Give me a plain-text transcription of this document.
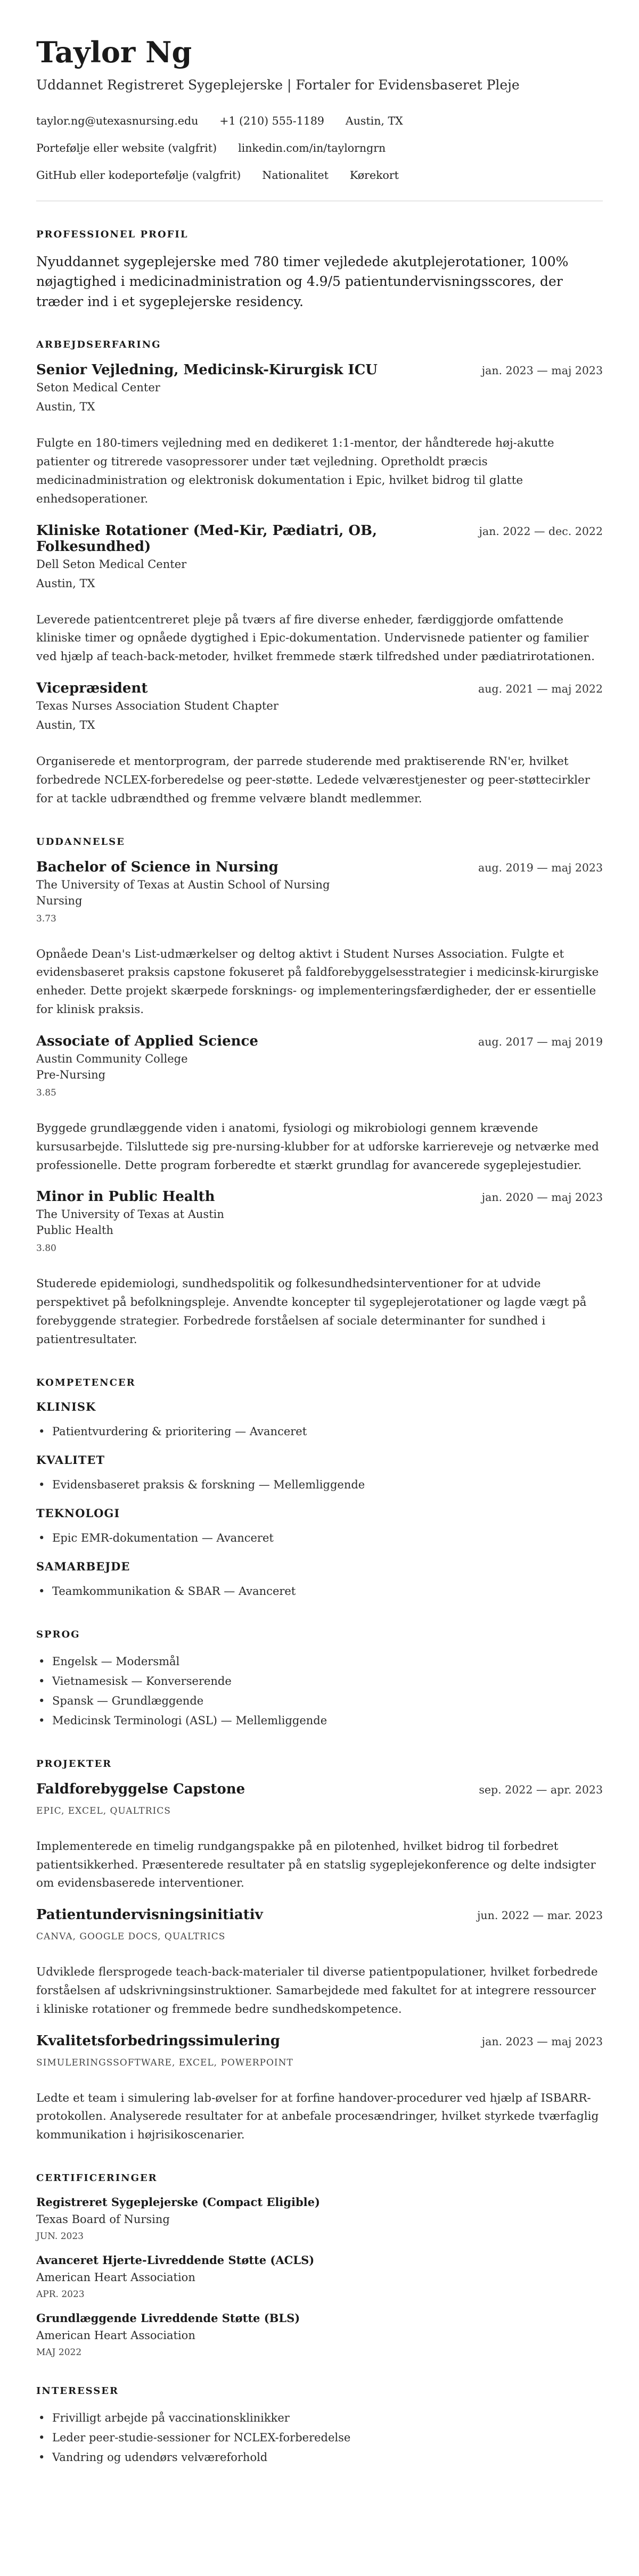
Taylor Ng
Uddannet Registreret Sygeplejerske | Fortaler for Evidensbaseret Pleje
taylor.ng@utexasnursing.edu +1 (210) 555-1189 Austin, TX
Portefølje eller website (valgfrit) linkedin.com/in/taylorngrn
GitHub eller kodeportefølje (valgfrit) Nationalitet Kørekort
PROFESSIONEL PROFIL
Nyuddannet sygeplejerske med 780 timer vejledede akutplejerotationer, 100% nøjagtighed i medicinadministration og 4.9/5 patientundervisningsscores, der træder ind i et sygeplejerske residency.
ARBEJDSERFARING
Senior Vejledning, Medicinsk-Kirurgisk ICU	jan. 2023 — maj 2023
Seton Medical Center
Austin, TX
Fulgte en 180-timers vejledning med en dedikeret 1:1-mentor, der håndterede høj-akutte patienter og titrerede vasopressorer under tæt vejledning. Opretholdt præcis medicinadministration og elektronisk dokumentation i Epic, hvilket bidrog til glatte enhedsoperationer.
Kliniske Rotationer (Med-Kir, Pædiatri, OB, Folkesundhed)
jan. 2022 — dec. 2022
Dell Seton Medical Center
Austin, TX
Leverede patientcentreret pleje på tværs af fire diverse enheder, færdiggjorde omfattende kliniske timer og opnåede dygtighed i Epic-dokumentation. Undervisnede patienter og familier ved hjælp af teach-back-metoder, hvilket fremmede stærk tilfredshed under pædiatrirotationen.
Vicepræsident	aug. 2021 — maj 2022
Texas Nurses Association Student Chapter
Austin, TX
Organiserede et mentorprogram, der parrede studerende med praktiserende RN'er, hvilket forbedrede NCLEX-forberedelse og peer-støtte. Ledede velværestjenester og peer-støttecirkler for at tackle udbrændthed og fremme velvære blandt medlemmer.
UDDANNELSE
Bachelor of Science in Nursing	aug. 2019 — maj 2023
The University of Texas at Austin School of Nursing
Nursing
3.73
Opnåede Dean's List-udmærkelser og deltog aktivt i Student Nurses Association. Fulgte et evidensbaseret praksis capstone fokuseret på faldforebyggelsesstrategier i medicinsk-kirurgiske enheder. Dette projekt skærpede forsknings- og implementeringsfærdigheder, der er essentielle for klinisk praksis.
Associate of Applied Science	aug. 2017 — maj 2019
Austin Community College
Pre-Nursing
3.85
Byggede grundlæggende viden i anatomi, fysiologi og mikrobiologi gennem krævende kursusarbejde. Tilsluttede sig pre-nursing-klubber for at udforske karriereveje og netværke med professionelle. Dette program forberedte et stærkt grundlag for avancerede sygeplejestudier.
Minor in Public Health	jan. 2020 — maj 2023
The University of Texas at Austin
Public Health
3.80
Studerede epidemiologi, sundhedspolitik og folkesundhedsinterventioner for at udvide perspektivet på befolkningspleje. Anvendte koncepter til sygeplejerotationer og lagde vægt på forebyggende strategier. Forbedrede forståelsen af sociale determinanter for sundhed i patientresultater.
KOMPETENCER
KLINISK
• Patientvurdering & prioritering — Avanceret
KVALITET
• Evidensbaseret praksis & forskning — Mellemliggende
TEKNOLOGI
• Epic EMR-dokumentation — Avanceret
SAMARBEJDE
• Teamkommunikation & SBAR — Avanceret
SPROG
• Engelsk — Modersmål
• Vietnamesisk — Konverserende
• Spansk — Grundlæggende
• Medicinsk Terminologi (ASL) — Mellemliggende
PROJEKTER
Faldforebyggelse Capstone	sep. 2022 — apr. 2023
EPIC, EXCEL, QUALTRICS
Implementerede en timelig rundgangspakke på en pilotenhed, hvilket bidrog til forbedret patientsikkerhed. Præsenterede resultater på en statslig sygeplejekonference og delte indsigter om evidensbaserede interventioner.
Patientundervisningsinitiativ	jun. 2022 — mar. 2023
CANVA, GOOGLE DOCS, QUALTRICS
Udviklede flersprogede teach-back-materialer til diverse patientpopulationer, hvilket forbedrede forståelsen af udskrivningsinstruktioner. Samarbejdede med fakultet for at integrere ressourcer i kliniske rotationer og fremmede bedre sundhedskompetence.
Kvalitetsforbedringssimulering	jan. 2023 — maj 2023
SIMULERINGSSOFTWARE, EXCEL, POWERPOINT
Ledte et team i simulering lab-øvelser for at forfine handover-procedurer ved hjælp af ISBARR-protokollen. Analyserede resultater for at anbefale procesændringer, hvilket styrkede tværfaglig kommunikation i højrisikoscenarier.
CERTIFICERINGER
Registreret Sygeplejerske (Compact Eligible)
Texas Board of Nursing
JUN. 2023
Avanceret Hjerte-Livreddende Støtte (ACLS)
American Heart Association
APR. 2023
Grundlæggende Livreddende Støtte (BLS)
American Heart Association
MAJ 2022
INTERESSER
• Frivilligt arbejde på vaccinationsklinikker
• Leder peer-studie-sessioner for NCLEX-forberedelse
• Vandring og udendørs velværeforhold
